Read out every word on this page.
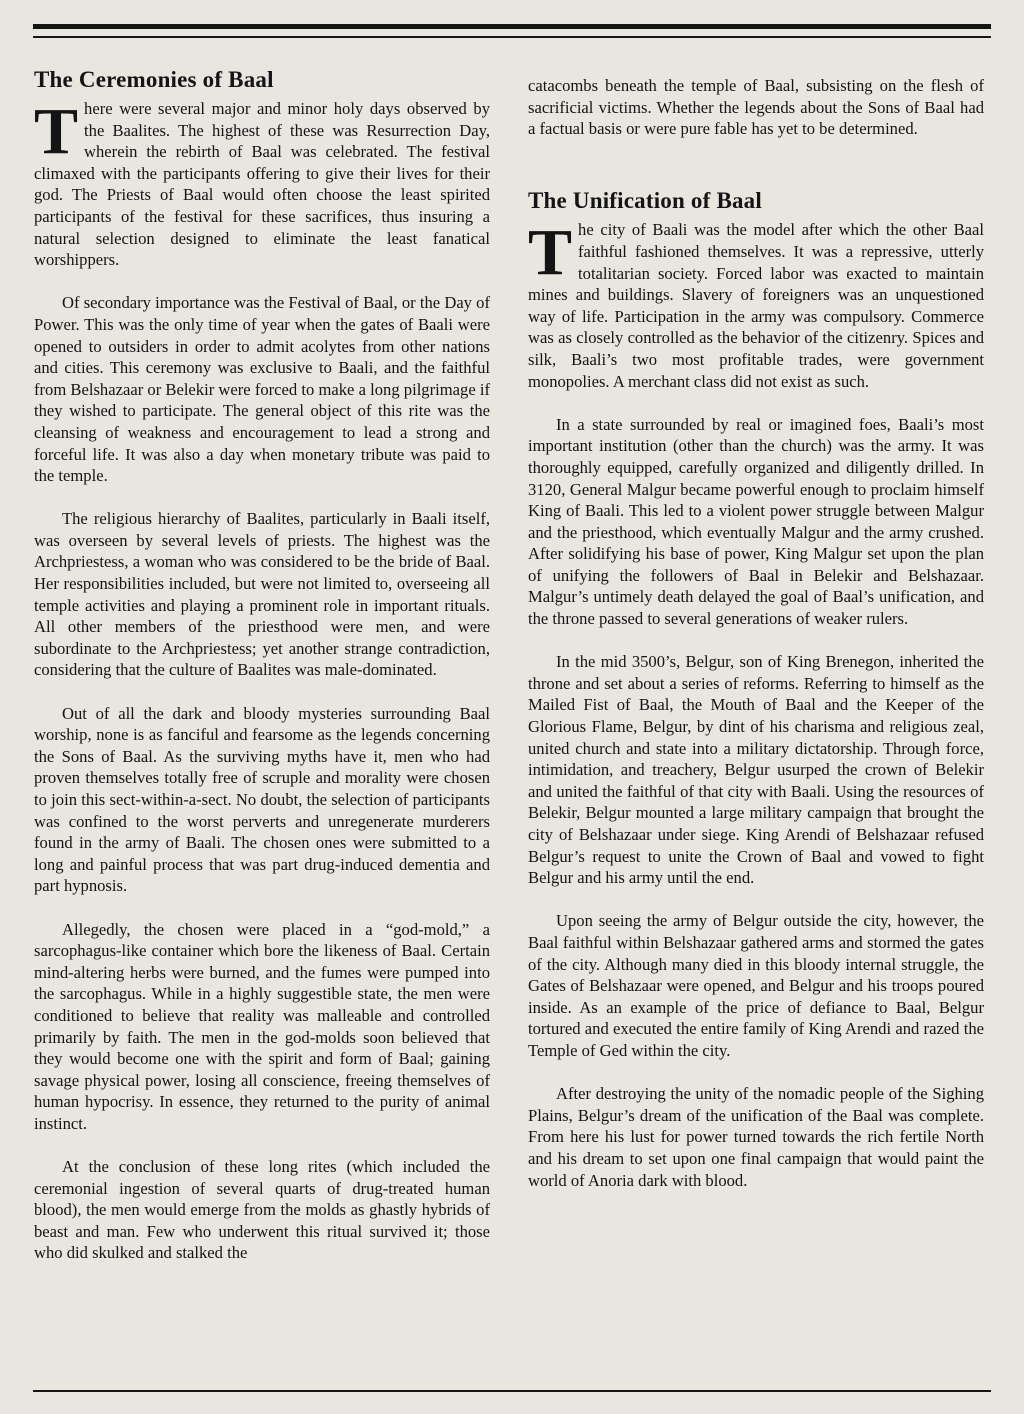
The Ceremonies of Baal

There were several major and minor holy days observed by the Baalites. The highest of these was Resurrection Day, wherein the rebirth of Baal was celebrated. The festival climaxed with the participants offering to give their lives for their god. The Priests of Baal would often choose the least spirited participants of the festival for these sacrifices, thus insuring a natural selection designed to eliminate the least fanatical worshippers.

Of secondary importance was the Festival of Baal, or the Day of Power. This was the only time of year when the gates of Baali were opened to outsiders in order to admit acolytes from other nations and cities. This ceremony was exclusive to Baali, and the faithful from Belshazaar or Belekir were forced to make a long pilgrimage if they wished to participate. The general object of this rite was the cleansing of weakness and encouragement to lead a strong and forceful life. It was also a day when monetary tribute was paid to the temple.

The religious hierarchy of Baalites, particularly in Baali itself, was overseen by several levels of priests. The highest was the Archpriestess, a woman who was considered to be the bride of Baal. Her responsibilities included, but were not limited to, overseeing all temple activities and playing a prominent role in important rituals. All other members of the priesthood were men, and were subordinate to the Archpriestess; yet another strange contradiction, considering that the culture of Baalites was male-dominated.

Out of all the dark and bloody mysteries surrounding Baal worship, none is as fanciful and fearsome as the legends concerning the Sons of Baal. As the surviving myths have it, men who had proven themselves totally free of scruple and morality were chosen to join this sect-within-a-sect. No doubt, the selection of participants was confined to the worst perverts and unregenerate murderers found in the army of Baali. The chosen ones were submitted to a long and painful process that was part drug-induced dementia and part hypnosis.

Allegedly, the chosen were placed in a “god-mold,” a sarcophagus-like container which bore the likeness of Baal. Certain mind-altering herbs were burned, and the fumes were pumped into the sarcophagus. While in a highly suggestible state, the men were conditioned to believe that reality was malleable and controlled primarily by faith. The men in the god-molds soon believed that they would become one with the spirit and form of Baal; gaining savage physical power, losing all conscience, freeing themselves of human hypocrisy. In essence, they returned to the purity of animal instinct.

At the conclusion of these long rites (which included the ceremonial ingestion of several quarts of drug-treated human blood), the men would emerge from the molds as ghastly hybrids of beast and man. Few who underwent this ritual survived it; those who did skulked and stalked the

catacombs beneath the temple of Baal, subsisting on the flesh of sacrificial victims. Whether the legends about the Sons of Baal had a factual basis or were pure fable has yet to be determined.

The Unification of Baal

The city of Baali was the model after which the other Baal faithful fashioned themselves. It was a repressive, utterly totalitarian society. Forced labor was exacted to maintain mines and buildings. Slavery of foreigners was an unquestioned way of life. Participation in the army was compulsory. Commerce was as closely controlled as the behavior of the citizenry. Spices and silk, Baali’s two most profitable trades, were government monopolies. A merchant class did not exist as such.

In a state surrounded by real or imagined foes, Baali’s most important institution (other than the church) was the army. It was thoroughly equipped, carefully organized and diligently drilled. In 3120, General Malgur became powerful enough to proclaim himself King of Baali. This led to a violent power struggle between Malgur and the priesthood, which eventually Malgur and the army crushed. After solidifying his base of power, King Malgur set upon the plan of unifying the followers of Baal in Belekir and Belshazaar. Malgur’s untimely death delayed the goal of Baal’s unification, and the throne passed to several generations of weaker rulers.

In the mid 3500’s, Belgur, son of King Brenegon, inherited the throne and set about a series of reforms. Referring to himself as the Mailed Fist of Baal, the Mouth of Baal and the Keeper of the Glorious Flame, Belgur, by dint of his charisma and religious zeal, united church and state into a military dictatorship. Through force, intimidation, and treachery, Belgur usurped the crown of Belekir and united the faithful of that city with Baali. Using the resources of Belekir, Belgur mounted a large military campaign that brought the city of Belshazaar under siege. King Arendi of Belshazaar refused Belgur’s request to unite the Crown of Baal and vowed to fight Belgur and his army until the end.

Upon seeing the army of Belgur outside the city, however, the Baal faithful within Belshazaar gathered arms and stormed the gates of the city. Although many died in this bloody internal struggle, the Gates of Belshazaar were opened, and Belgur and his troops poured inside. As an example of the price of defiance to Baal, Belgur tortured and executed the entire family of King Arendi and razed the Temple of Ged within the city.

After destroying the unity of the nomadic people of the Sighing Plains, Belgur’s dream of the unification of the Baal was complete. From here his lust for power turned towards the rich fertile North and his dream to set upon one final campaign that would paint the world of Anoria dark with blood.
